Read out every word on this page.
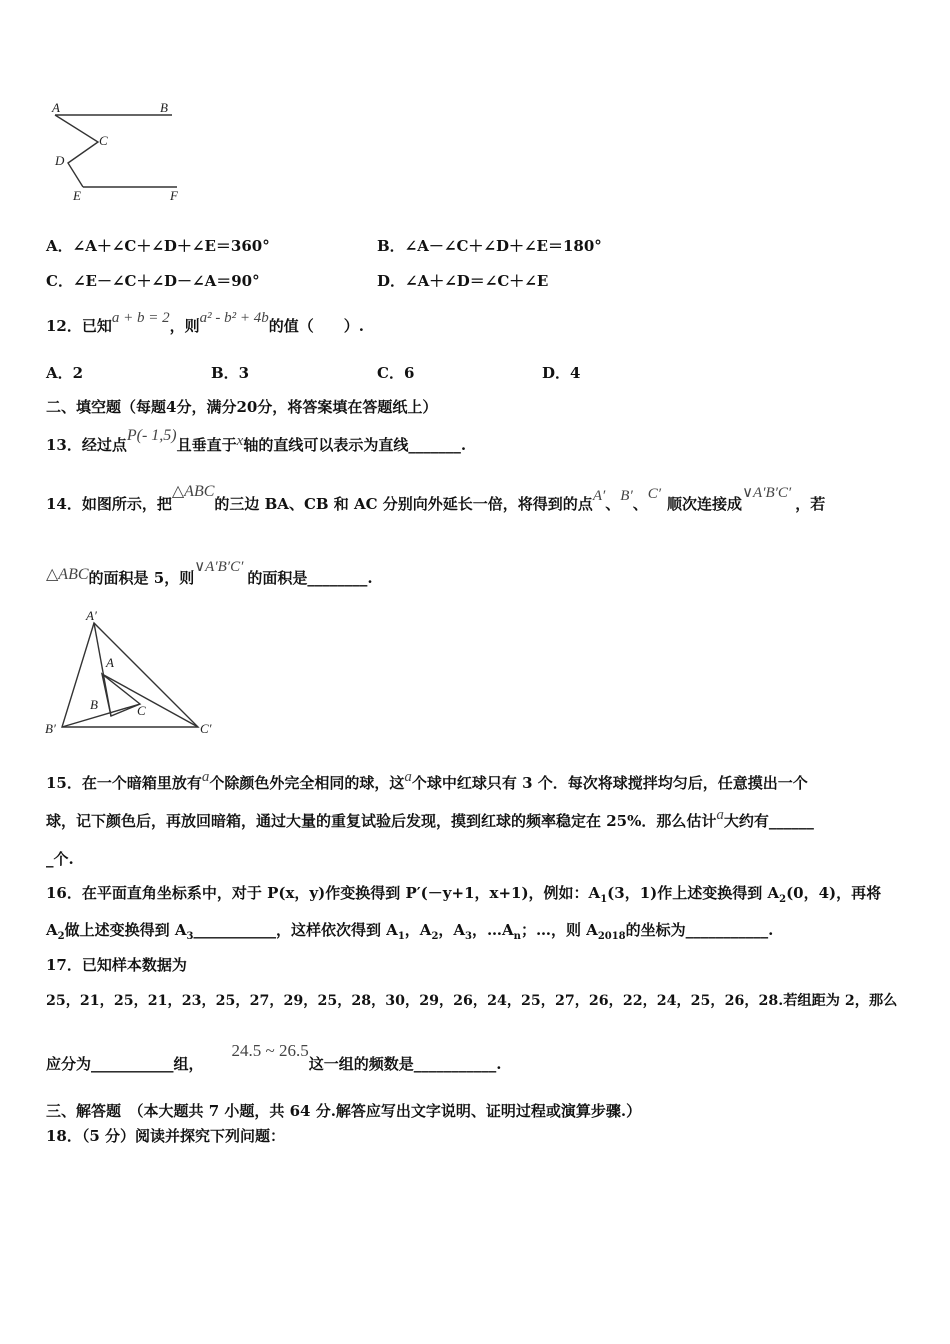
A	B
C
D
E	F
A．∠A＋∠C＋∠D＋∠E＝360°	B．∠A－∠C＋∠D＋∠E＝180°
C．∠E－∠C＋∠D－∠A＝90°	D．∠A＋∠D＝∠C＋∠E
12．已知a + b = 2，则a² - b² + 4b的值（　　）.
A．2	B．3	C．6	D．4
二、填空题（每题4分，满分20分，将答案填在答题纸上）
13．经过点P(- 1,5)且垂直于x轴的直线可以表示为直线_______.
14．如图所示，把△ABC的三边 BA、CB 和 AC 分别向外延长一倍，将得到的点A′、B′、C′顺次连接成∨A′B′C′，若
△ABC的面积是 5，则∨A′B′C′的面积是________.
A′
A
B	C
B′	C′
15．在一个暗箱里放有a个除颜色外完全相同的球，这a个球中红球只有 3 个．每次将球搅拌均匀后，任意摸出一个
球，记下颜色后，再放回暗箱，通过大量的重复试验后发现，摸到红球的频率稳定在 25%．那么估计a大约有______
_个.
16．在平面直角坐标系中，对于 P(x，y)作变换得到 P′(－y+1，x+1)，例如：$A_1(3$，1)作上述变换得到 $A_2(0$，4)，再将
$A_2$做上述变换得到 $A_3\_\_\_\_\_\_\_\_\_\_\_$，这样依次得到 $A_1$，$A_2$，$A_3$，$\dots A_n$；…，则 $A_{2018}$的坐标为___________.
17．已知样本数据为
25，21，25，21，23，25，27，29，25，28，30，29，26，24，25，27，26，22，24，25，26，28.若组距为 2，那么
应分为___________组，24.5 ~ 26.5这一组的频数是___________.
三、解答题　（本大题共 7 小题，共 64 分.解答应写出文字说明、证明过程或演算步骤.）
18．（5 分）阅读并探究下列问题：
